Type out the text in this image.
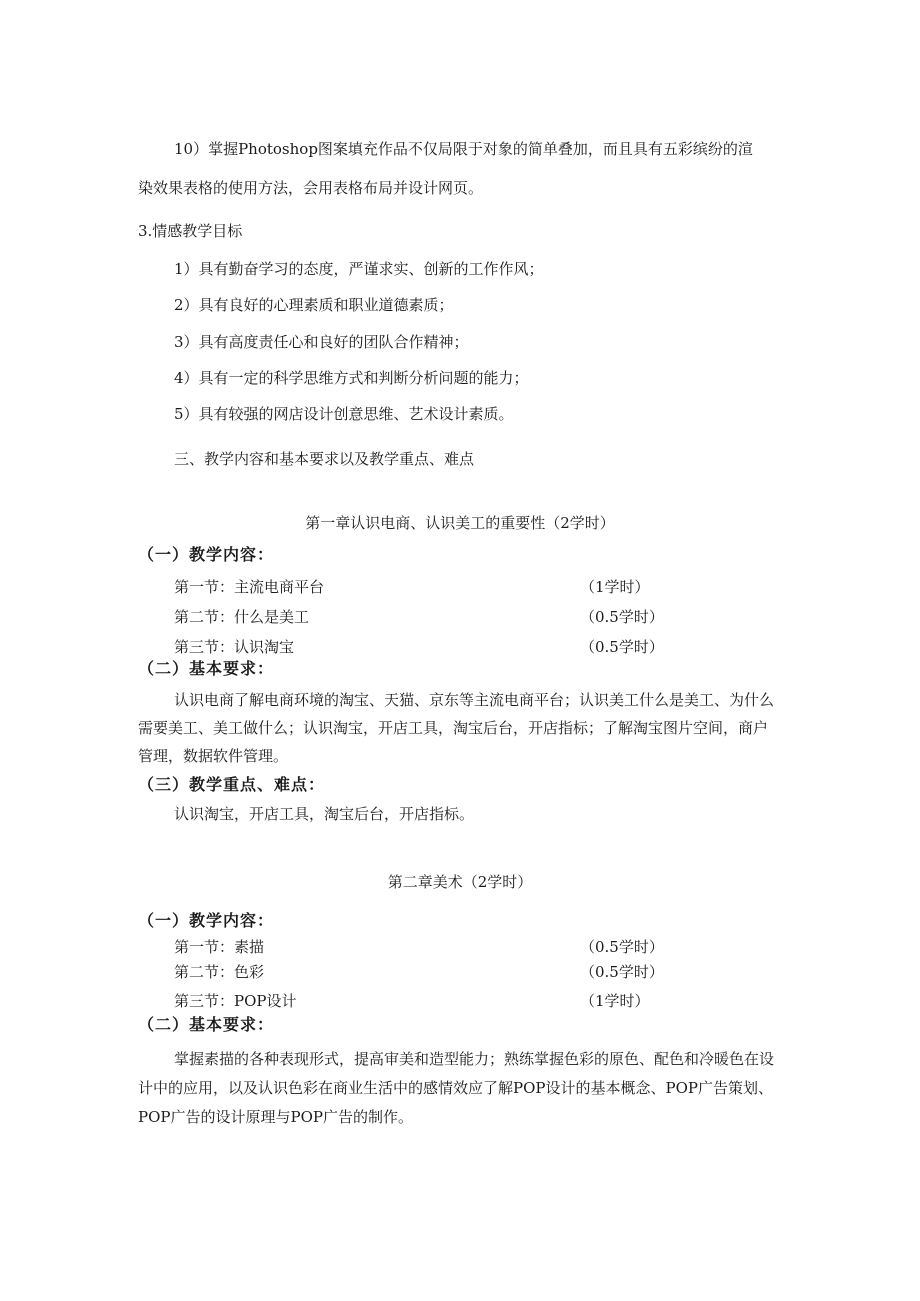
10）掌握Photoshop图案填充作品不仅局限于对象的简单叠加，而且具有五彩缤纷的渲
染效果表格的使用方法，会用表格布局并设计网页。
3.情感教学目标
1）具有勤奋学习的态度，严谨求实、创新的工作作风；
2）具有良好的心理素质和职业道德素质；
3）具有高度责任心和良好的团队合作精神；
4）具有一定的科学思维方式和判断分析问题的能力；
5）具有较强的网店设计创意思维、艺术设计素质。
三、教学内容和基本要求以及教学重点、难点
第一章认识电商、认识美工的重要性（2学时）
（一）教学内容：
第一节：主流电商平台	（1学时）
第二节：什么是美工	（0.5学时）
第三节：认识淘宝	（0.5学时）
（二）基本要求：
认识电商了解电商环境的淘宝、天猫、京东等主流电商平台；认识美工什么是美工、为什么
需要美工、美工做什么；认识淘宝，开店工具，淘宝后台，开店指标；了解淘宝图片空间，商户
管理，数据软件管理。
（三）教学重点、难点：
认识淘宝，开店工具，淘宝后台，开店指标。
第二章美术（2学时）
（一）教学内容：
第一节：素描	（0.5学时）
第二节：色彩	（0.5学时）
第三节：POP设计	（1学时）
（二）基本要求：
掌握素描的各种表现形式，提高审美和造型能力；熟练掌握色彩的原色、配色和冷暖色在设
计中的应用，以及认识色彩在商业生活中的感情效应了解POP设计的基本概念、POP广告策划、
POP广告的设计原理与POP广告的制作。
